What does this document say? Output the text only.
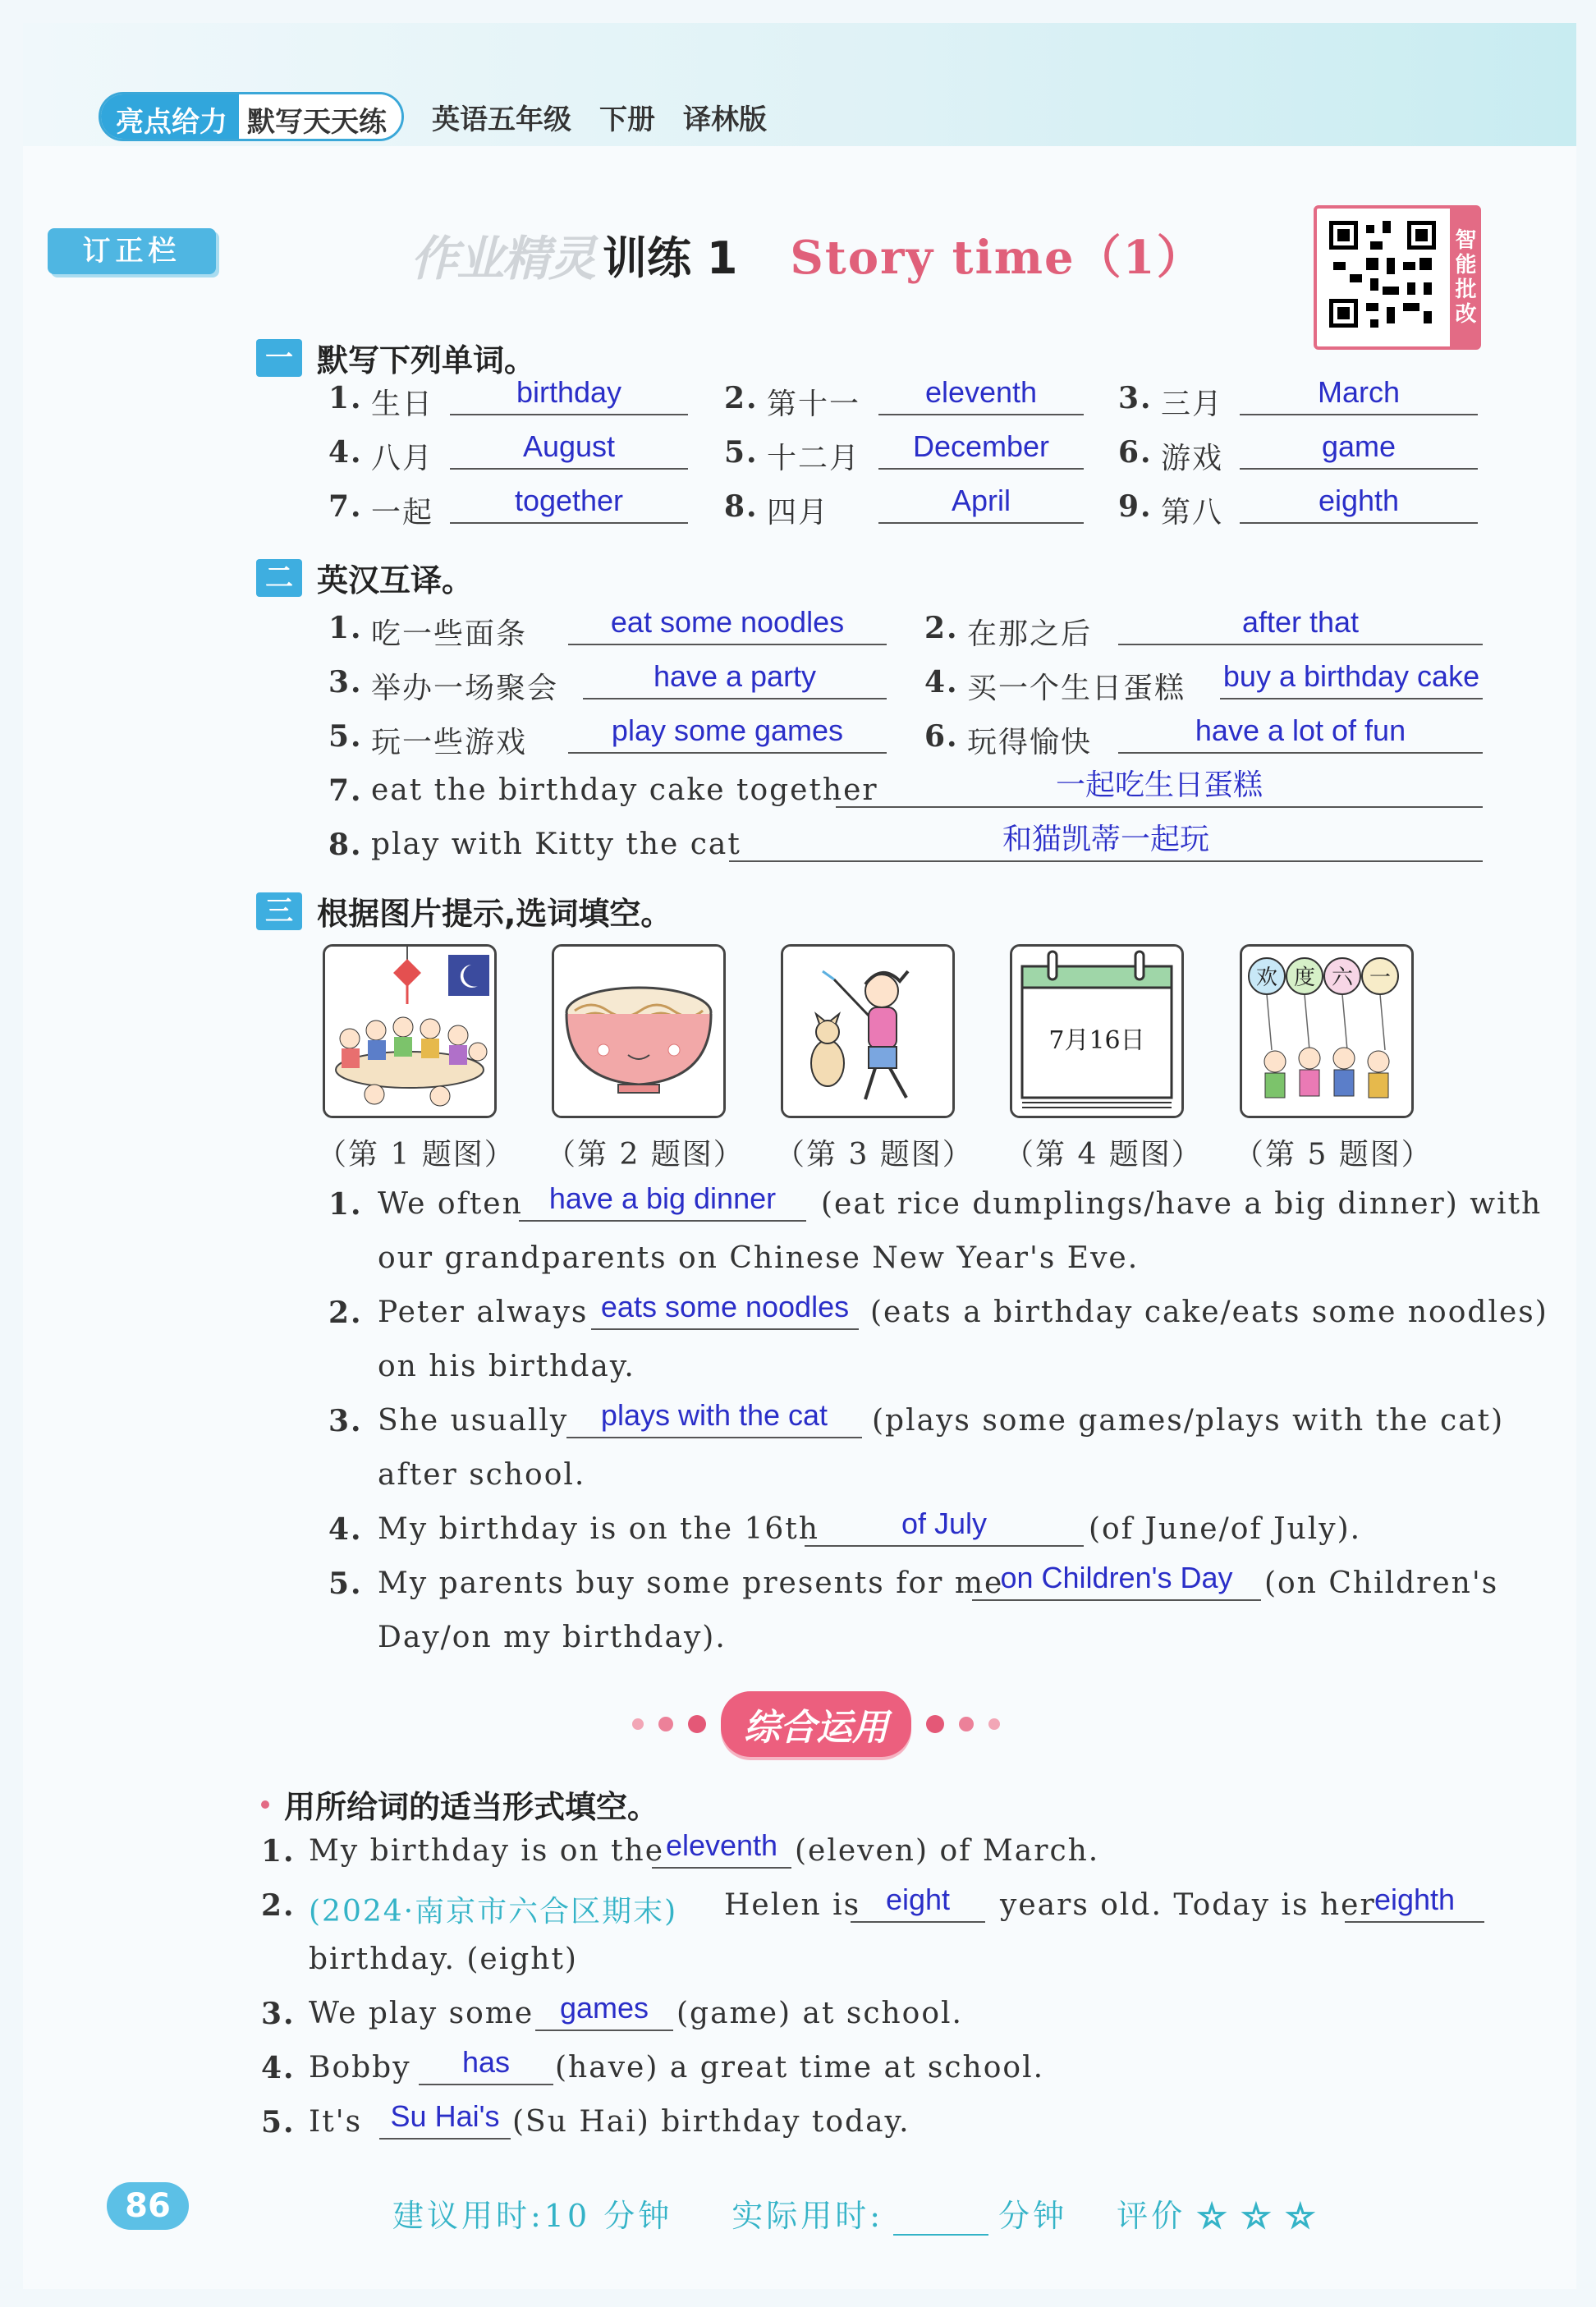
亮点给力 默写天天练	英语五年级 下册 译林版
订正栏	作业精灵 训练 1 Story time（1）	智能批改
一 默写下列单词。
1. 生日	birthday	2. 第十一	eleventh	3. 三月	March
4. 八月	August	5. 十二月	December	6. 游戏	game
7. 一起	together	8. 四月	April	9. 第八	eighth
二 英汉互译。
1. 吃一些面条	eat some noodles	2. 在那之后	after that
3. 举办一场聚会	have a party	4. 买一个生日蛋糕 buy a birthday cake
5. 玩一些游戏	play some games	6. 玩得愉快	have a lot of fun
7. eat the birthday cake together	一起吃生日蛋糕
8. play with Kitty the cat	和猫凯蒂一起玩
三 根据图片提示,选词填空。
7月16日
欢 度 六 一
（第 1 题图） （第 2 题图） （第 3 题图） （第 4 题图） （第 5 题图）
1. We often have a big dinner	(eat rice dumplings/have a big dinner) with
our grandparents on Chinese New Year's Eve.
2. Peter always eats some noodles (eats a birthday cake/eats some noodles)
on his birthday.
3. She usually	plays with the cat	(plays some games/plays with the cat)
after school.
4. My birthday is on the 16th	of July	(of June/of July).
5. My parents buy some presents for me
on Children's Day	(on Children's
Day/on my birthday).
综合运用
用所给词的适当形式填空。
1. My birthday is on the eleventh (eleven) of March.
2. (2024·南京市六合区期末) Helen is eight	years old. Today is her
eighth
birthday. (eight)
3. We play some games (game) at school.
4. Bobby	has	(have) a great time at school.
5. It's Su Hai's (Su Hai) birthday today.
86	建议用时:10 分钟 实际用时:	分钟 评价 ☆ ☆ ☆
